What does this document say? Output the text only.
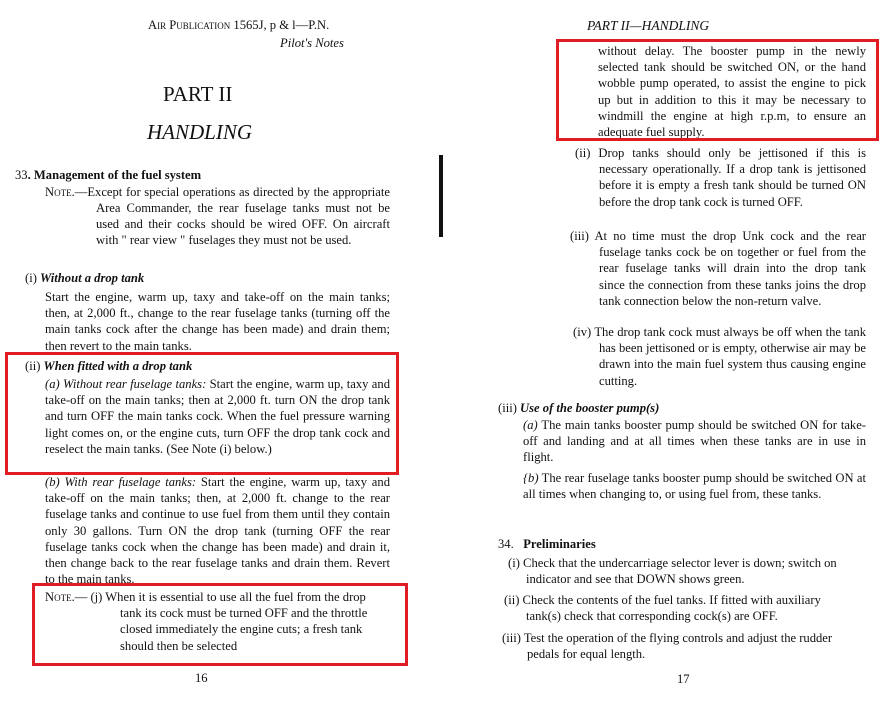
Air Publication 1565J, p & l—P.N.
Pilot's Notes
PART II
HANDLING
33. Management of the fuel system
Note.—Except for special operations as directed by the appropriate Area Commander, the rear fuselage tanks must not be used and their cocks should be wired OFF. On aircraft with " rear view " fuselages they must not be used.
(i) Without a drop tank
Start the engine, warm up, taxy and take-off on the main tanks; then, at 2,000 ft., change to the rear fuselage tanks (turning off the main tanks cock after the change has been made) and drain them; then revert to the main tanks.
(ii) When fitted with a drop tank
(a) Without rear fuselage tanks: Start the engine, warm up, taxy and take-off on the main tanks; then at 2,000 ft. turn ON the drop tank and turn OFF the main tanks cock. When the fuel pressure warning light comes on, or the engine cuts, turn OFF the drop tank cock and reselect the main tanks. (See Note (i) below.)
(b) With rear fuselage tanks: Start the engine, warm up, taxy and take-off on the main tanks; then, at 2,000 ft. change to the rear fuselage tanks and continue to use fuel from them until they contain only 30 gallons. Turn ON the drop tank (turning OFF the rear fuselage tanks cock when the change has been made) and drain it, then change back to the rear fuselage tanks and drain them. Revert to the main tanks.
Note.— (j) When it is essential to use all the fuel from the drop tank its cock must be turned OFF and the throttle closed immediately the engine cuts; a fresh tank should then be selected
16
PART II—HANDLING
without delay. The booster pump in the newly selected tank should be switched ON, or the hand wobble pump operated, to assist the engine to pick up but in addition to this it may be necessary to windmill the engine at high r.p.m, to ensure an adequate fuel supply.
(ii) Drop tanks should only be jettisoned if this is necessary operationally. If a drop tank is jettisoned before it is empty a fresh tank should be turned ON before the drop tank cock is turned OFF.
(iii) At no time must the drop Unk cock and the rear fuselage tanks cock be on together or fuel from the rear fuselage tanks will drain into the drop tank since the connection from these tanks joins the drop tank connection below the non-return valve.
(iv) The drop tank cock must always be off when the tank has been jettisoned or is empty, otherwise air may be drawn into the main fuel system thus causing engine cutting.
(iii) Use of the booster pump(s)
(a) The main tanks booster pump should be switched ON for take-off and landing and at all times when these tanks are in use in flight.
{b) The rear fuselage tanks booster pump should be switched ON at all times when changing to, or using fuel from, these tanks.
34. Preliminaries
(i) Check that the undercarriage selector lever is down; switch on indicator and see that DOWN shows green.
(ii) Check the contents of the fuel tanks. If fitted with auxiliary tank(s) check that corresponding cock(s) are OFF.
(iii) Test the operation of the flying controls and adjust the rudder pedals for equal length.
17
